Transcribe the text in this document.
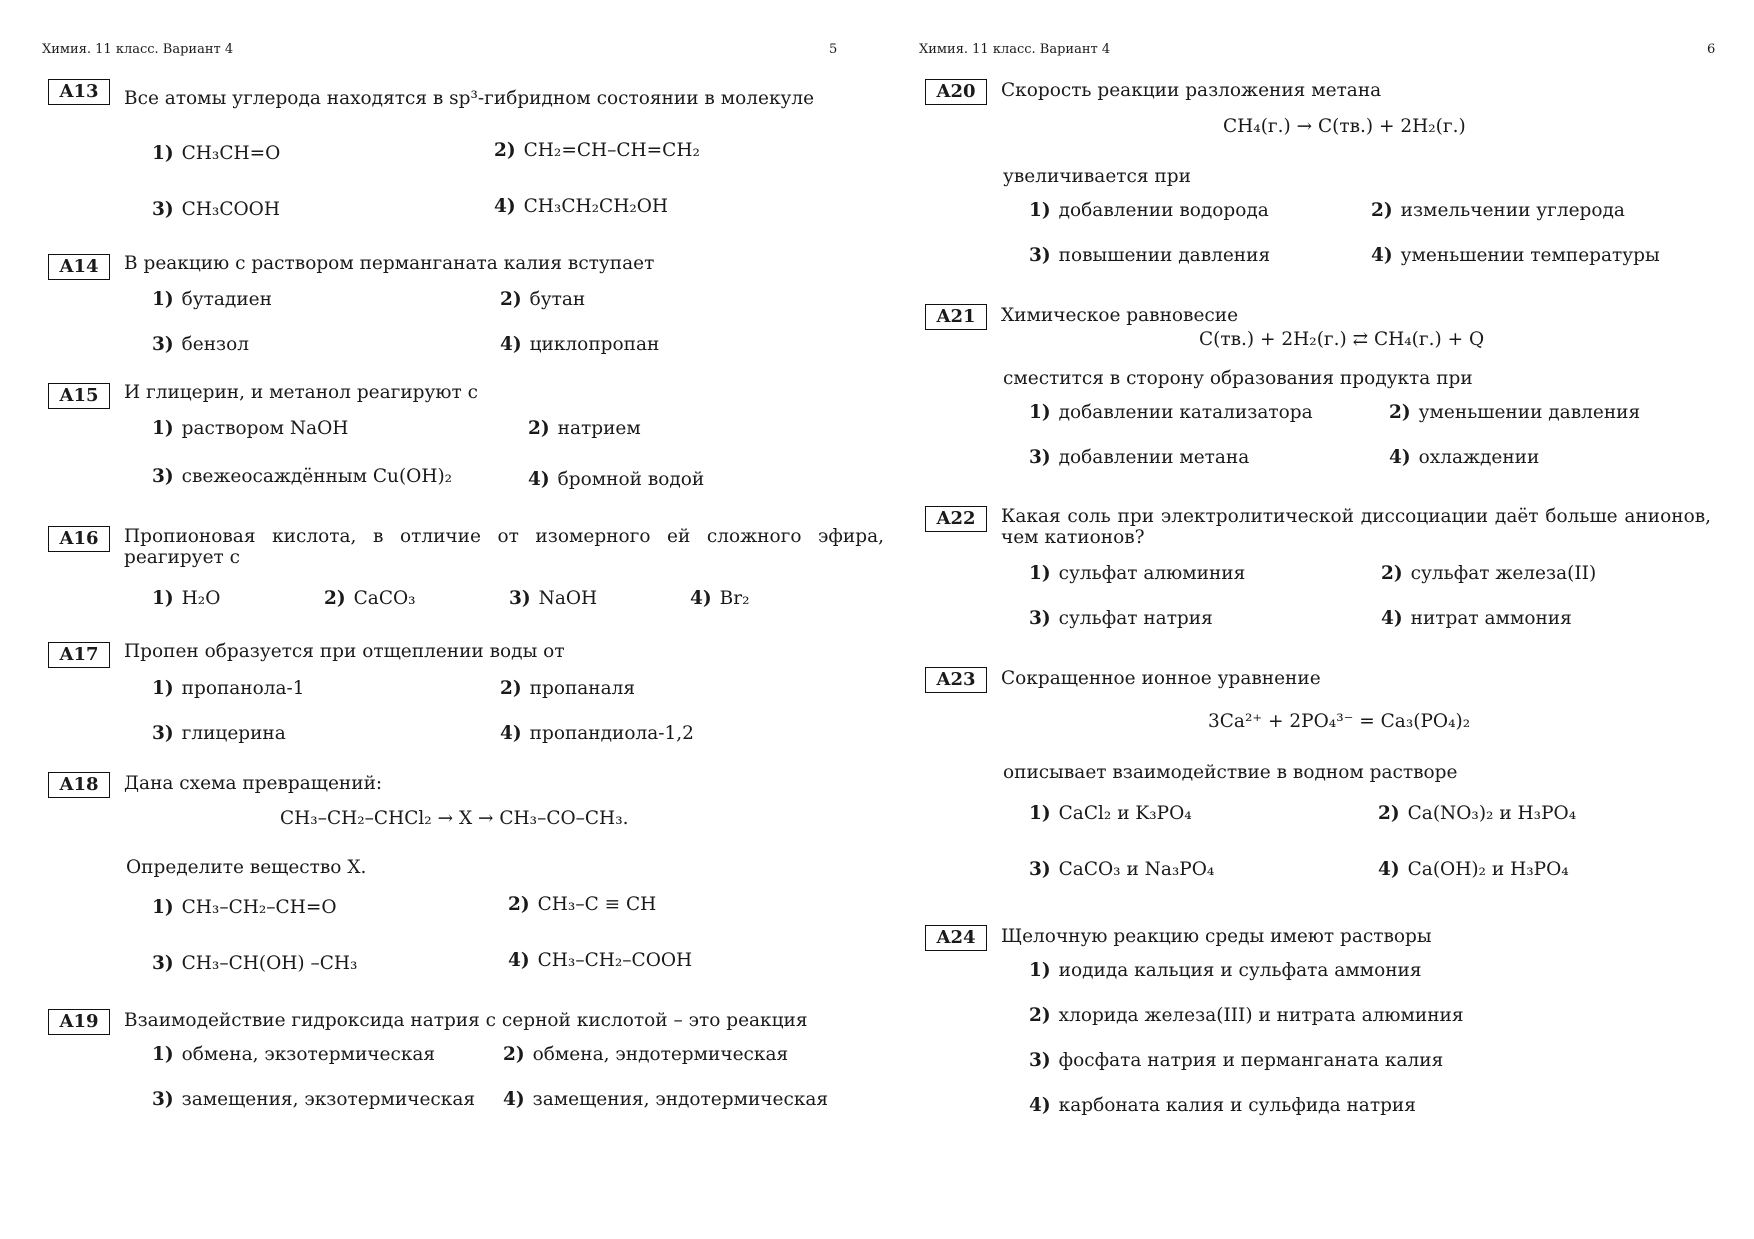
Химия. 11 класс. Вариант 4	5
A13	Все атомы углерода находятся в sp³-гибридном состоянии в молекуле
1) CH₃CH=O	2) CH₂=CH–CH=CH₂
3) CH₃COOH	4) CH₃CH₂CH₂OH
A14	В реакцию с раствором перманганата калия вступает
1) бутадиен	2) бутан
3) бензол	4) циклопропан
A15	И глицерин, и метанол реагируют с
1) раствором NaOH	2) натрием
3) свежеосаждённым Cu(OH)₂	4) бромной водой
A16	Пропионовая кислота, в отличие от изомерного ей сложного эфира, реагирует с
1) H₂O	2) CaCO₃	3) NaOH	4) Br₂
A17	Пропен образуется при отщеплении воды от
1) пропанола-1	2) пропаналя
3) глицерина	4) пропандиола-1,2
A18	Дана схема превращений:
CH₃–CH₂–CHCl₂ → X → CH₃–CO–CH₃.
Определите вещество X.
1) CH₃–CH₂–CH=O	2) CH₃–C ≡ CH
3) CH₃–CH(OH) –CH₃	4) CH₃–CH₂–COOH
A19	Взаимодействие гидроксида натрия с серной кислотой – это реакция
1) обмена, экзотермическая	2) обмена, эндотермическая
3) замещения, экзотермическая 4) замещения, эндотермическая
Химия. 11 класс. Вариант 4	6
A20	Скорость реакции разложения метана
CH₄(г.) → C(тв.) + 2H₂(г.)
увеличивается при
1) добавлении водорода	2) измельчении углерода
3) повышении давления	4) уменьшении температуры
A21	Химическое равновесие
C(тв.) + 2H₂(г.) ⇄ CH₄(г.) + Q
сместится в сторону образования продукта при
1) добавлении катализатора	2) уменьшении давления
3) добавлении метана	4) охлаждении
A22	Какая соль при электролитической диссоциации даёт больше анионов, чем катионов?
1) сульфат алюминия	2) сульфат железа(II)
3) сульфат натрия	4) нитрат аммония
A23	Сокращенное ионное уравнение
3Ca²⁺ + 2PO₄³⁻ = Ca₃(PO₄)₂
описывает взаимодействие в водном растворе
1) CaCl₂ и K₃PO₄	2) Ca(NO₃)₂ и H₃PO₄
3) CaCO₃ и Na₃PO₄	4) Ca(OH)₂ и H₃PO₄
A24	Щелочную реакцию среды имеют растворы
1) иодида кальция и сульфата аммония
2) хлорида железа(III) и нитрата алюминия
3) фосфата натрия и перманганата калия
4) карбоната калия и сульфида натрия
